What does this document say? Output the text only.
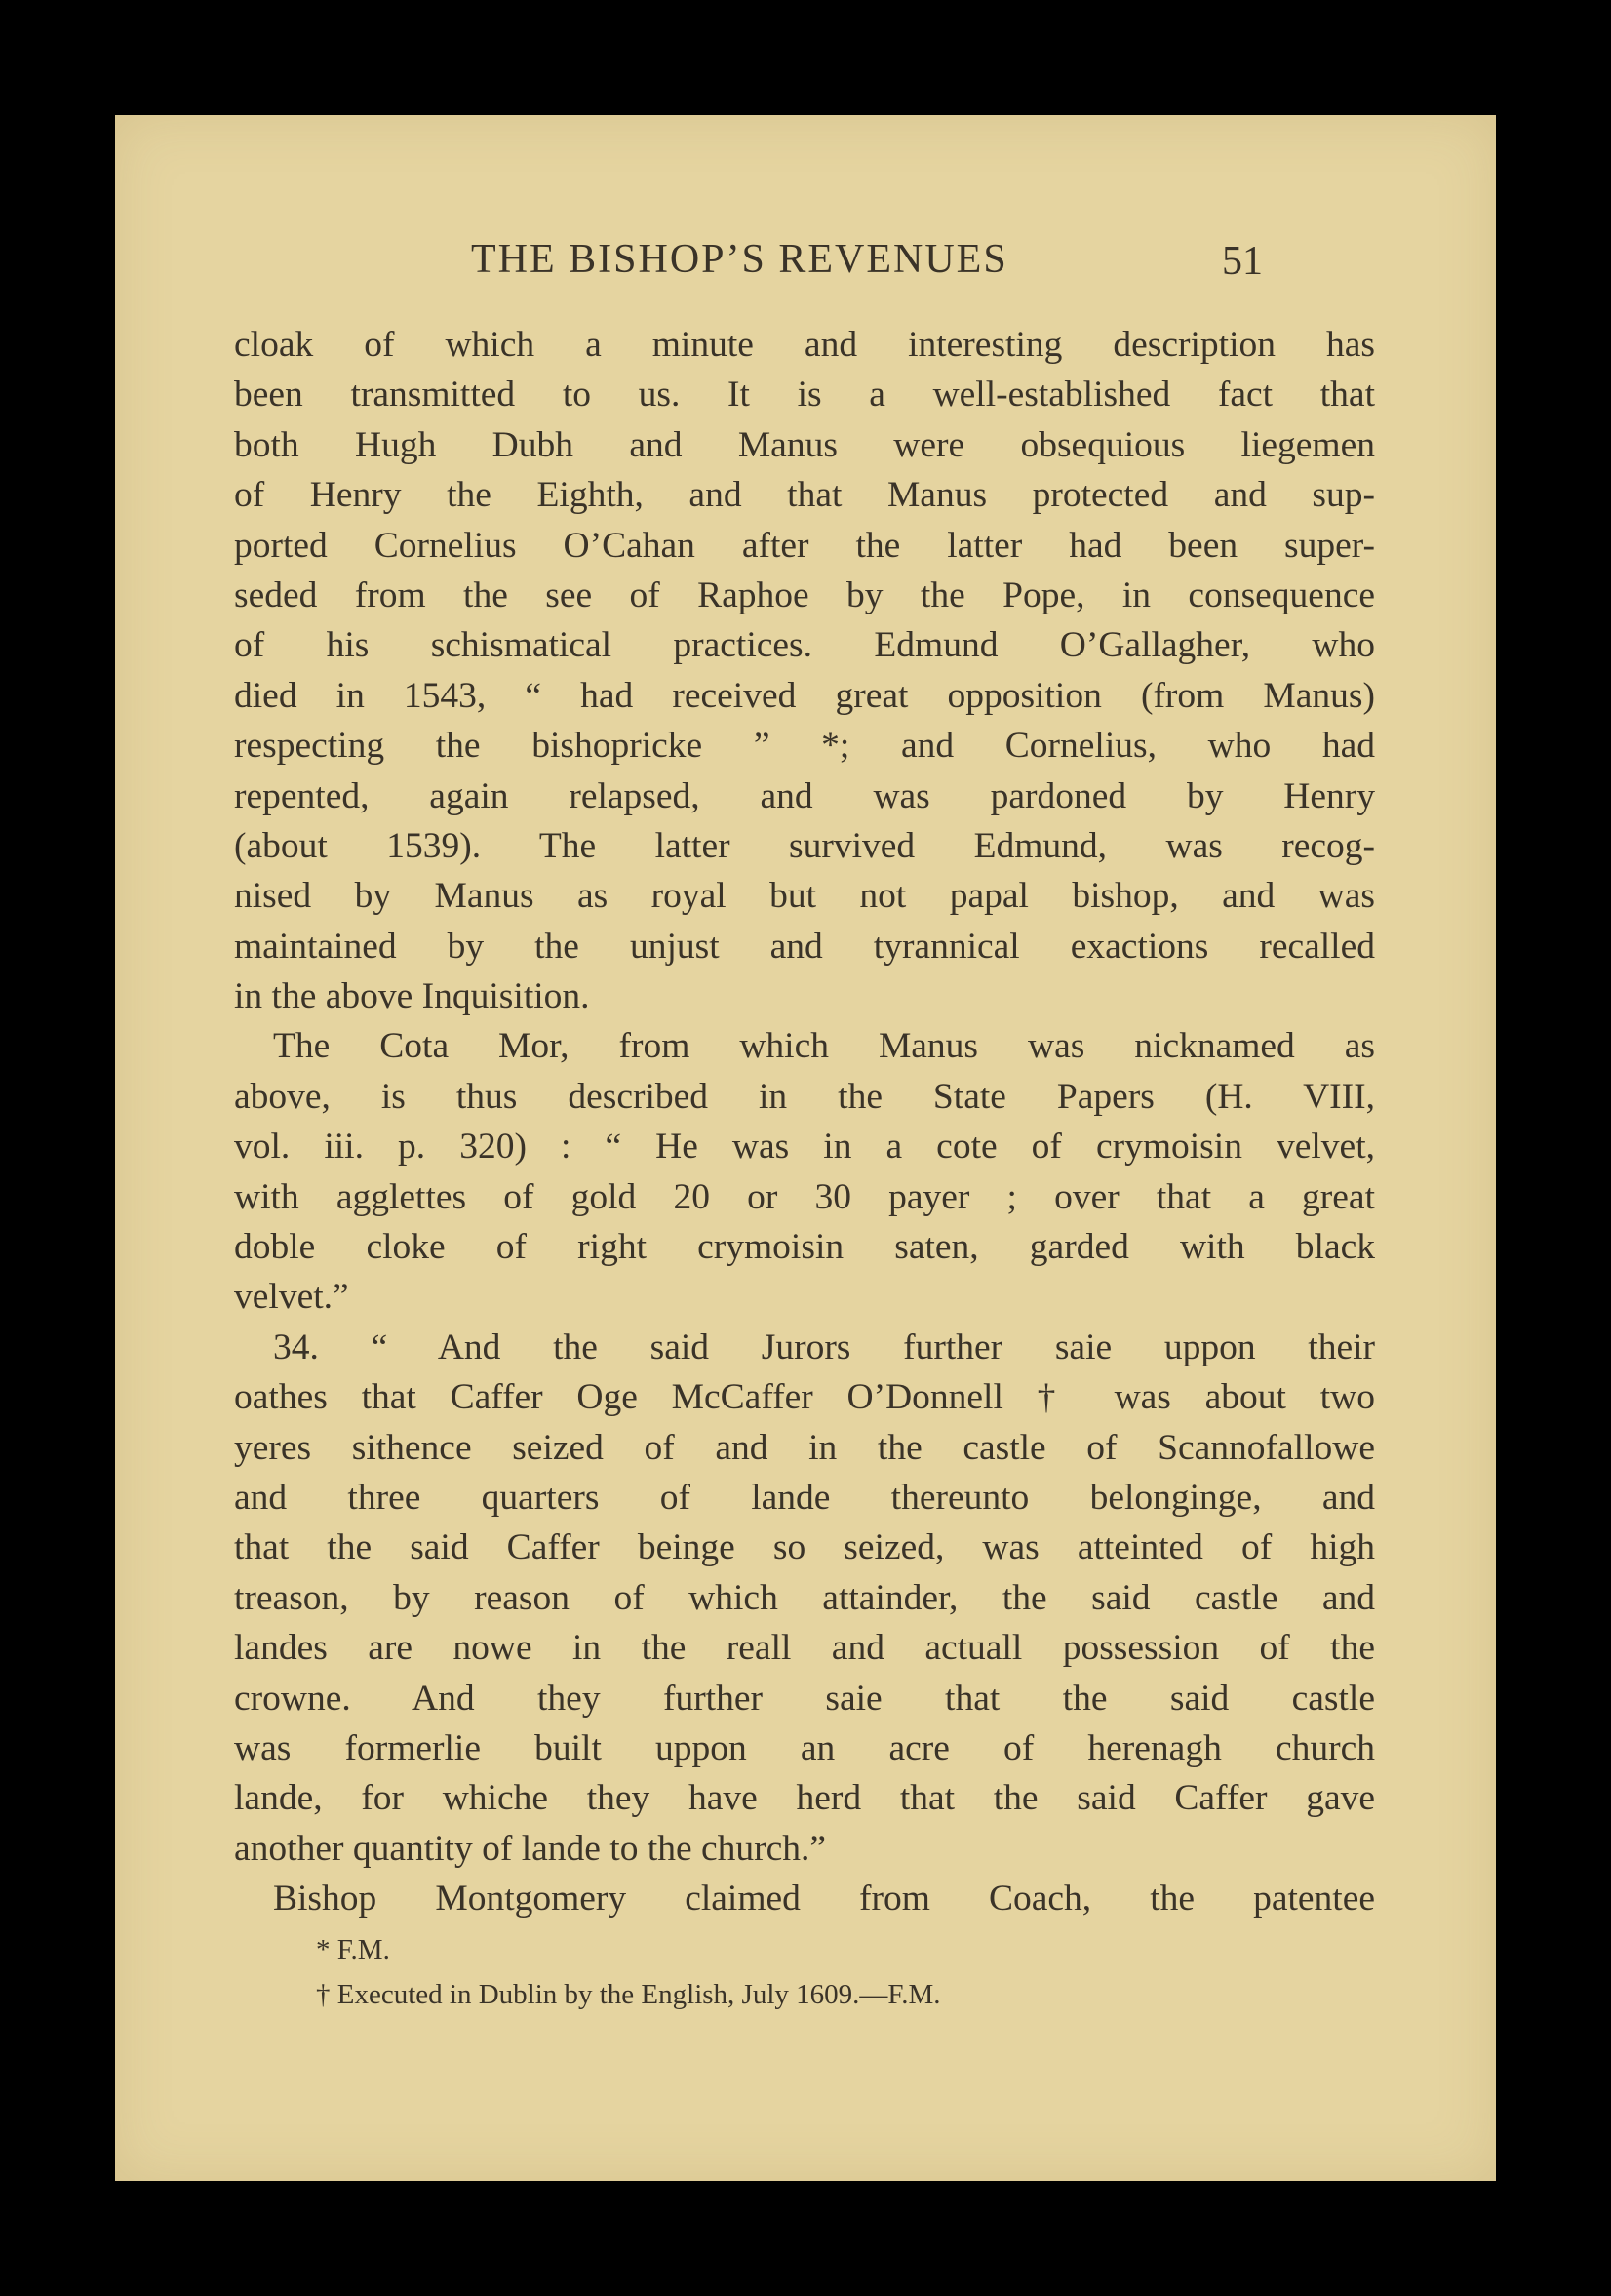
THE BISHOP’S REVENUES	51
cloak of which a minute and interesting description has
been transmitted to us. It is a well-established fact that
both Hugh Dubh and Manus were obsequious liegemen
of Henry the Eighth, and that Manus protected and sup-
ported Cornelius O’Cahan after the latter had been super-
seded from the see of Raphoe by the Pope, in consequence
of his schismatical practices. Edmund O’Gallagher, who
died in 1543, “ had received great opposition (from Manus)
respecting the bishopricke ” *; and Cornelius, who had
repented, again relapsed, and was pardoned by Henry
(about 1539). The latter survived Edmund, was recog-
nised by Manus as royal but not papal bishop, and was
maintained by the unjust and tyrannical exactions recalled
in the above Inquisition.
The Cota Mor, from which Manus was nicknamed as
above, is thus described in the State Papers (H. VIII,
vol. iii. p. 320) : “ He was in a cote of crymoisin velvet,
with agglettes of gold 20 or 30 payer ; over that a great
doble cloke of right crymoisin saten, garded with black
velvet.”
34. “ And the said Jurors further saie uppon their
oathes that Caffer Oge McCaffer O’Donnell † was about two
yeres sithence seized of and in the castle of Scannofallowe
and three quarters of lande thereunto belonginge, and
that the said Caffer beinge so seized, was atteinted of high
treason, by reason of which attainder, the said castle and
landes are nowe in the reall and actuall possession of the
crowne. And they further saie that the said castle
was formerlie built uppon an acre of herenagh church
lande, for whiche they have herd that the said Caffer gave
another quantity of lande to the church.”
Bishop Montgomery claimed from Coach, the patentee
* F.M.
† Executed in Dublin by the English, July 1609.—F.M.
